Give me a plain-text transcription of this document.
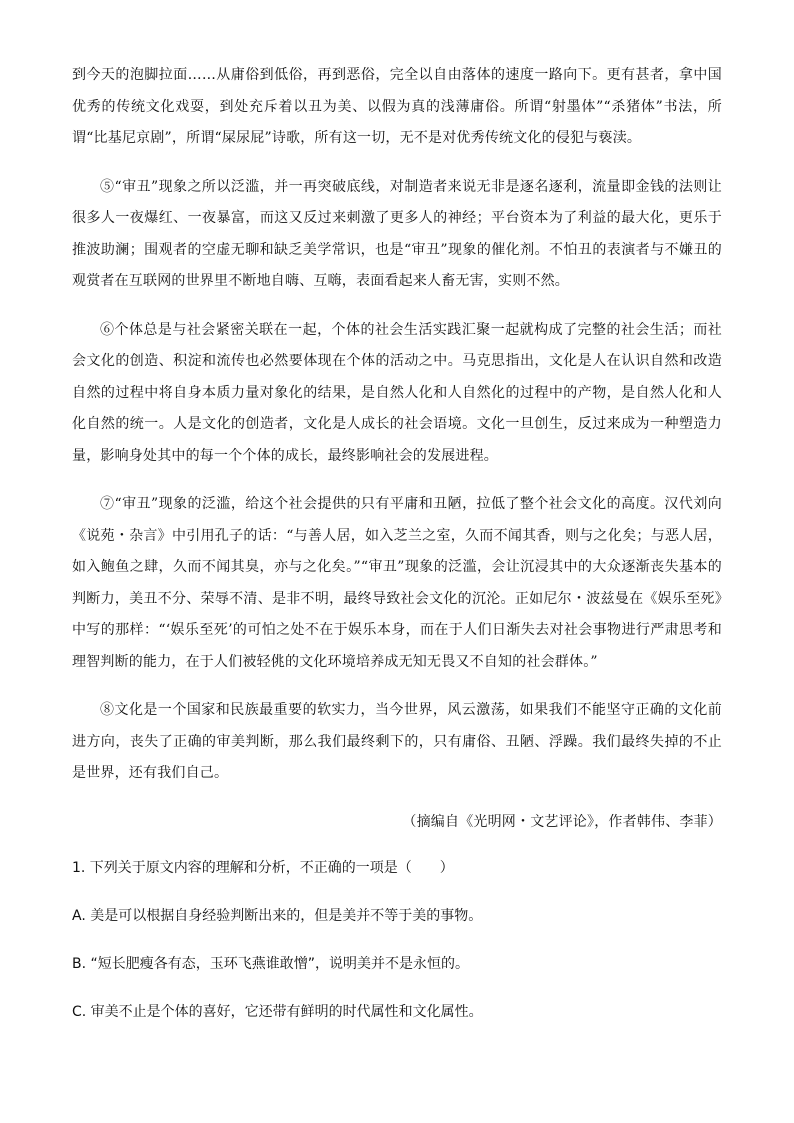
到今天的泡脚拉面……从庸俗到低俗，再到恶俗，完全以自由落体的速度一路向下。更有甚者，拿中国优秀的传统文化戏耍，到处充斥着以丑为美、以假为真的浅薄庸俗。所谓“射墨体”“杀猪体”书法，所谓“比基尼京剧”，所谓“屎尿屁”诗歌，所有这一切，无不是对优秀传统文化的侵犯与亵渎。

⑤“审丑”现象之所以泛滥，并一再突破底线，对制造者来说无非是逐名逐利，流量即金钱的法则让很多人一夜爆红、一夜暴富，而这又反过来刺激了更多人的神经；平台资本为了利益的最大化，更乐于推波助澜；围观者的空虚无聊和缺乏美学常识，也是“审丑”现象的催化剂。不怕丑的表演者与不嫌丑的观赏者在互联网的世界里不断地自嗨、互嗨，表面看起来人畜无害，实则不然。

⑥个体总是与社会紧密关联在一起，个体的社会生活实践汇聚一起就构成了完整的社会生活；而社会文化的创造、积淀和流传也必然要体现在个体的活动之中。马克思指出，文化是人在认识自然和改造自然的过程中将自身本质力量对象化的结果，是自然人化和人自然化的过程中的产物，是自然人化和人化自然的统一。人是文化的创造者，文化是人成长的社会语境。文化一旦创生，反过来成为一种塑造力量，影响身处其中的每一个个体的成长，最终影响社会的发展进程。

⑦“审丑”现象的泛滥，给这个社会提供的只有平庸和丑陋，拉低了整个社会文化的高度。汉代刘向《说苑・杂言》中引用孔子的话：“与善人居，如入芝兰之室，久而不闻其香，则与之化矣；与恶人居，如入鲍鱼之肆，久而不闻其臭，亦与之化矣。”“审丑”现象的泛滥，会让沉浸其中的大众逐渐丧失基本的判断力，美丑不分、荣辱不清、是非不明，最终导致社会文化的沉沦。正如尼尔・波兹曼在《娱乐至死》中写的那样：“‘娱乐至死’的可怕之处不在于娱乐本身，而在于人们日渐失去对社会事物进行严肃思考和理智判断的能力，在于人们被轻佻的文化环境培养成无知无畏又不自知的社会群体。”

⑧文化是一个国家和民族最重要的软实力，当今世界，风云激荡，如果我们不能坚守正确的文化前进方向，丧失了正确的审美判断，那么我们最终剩下的，只有庸俗、丑陋、浮躁。我们最终失掉的不止是世界，还有我们自己。

（摘编自《光明网・文艺评论》，作者韩伟、李菲）

1. 下列关于原文内容的理解和分析，不正确的一项是（　　）

A. 美是可以根据自身经验判断出来的，但是美并不等于美的事物。

B. “短长肥瘦各有态，玉环飞燕谁敢憎”，说明美并不是永恒的。

C. 审美不止是个体的喜好，它还带有鲜明的时代属性和文化属性。
